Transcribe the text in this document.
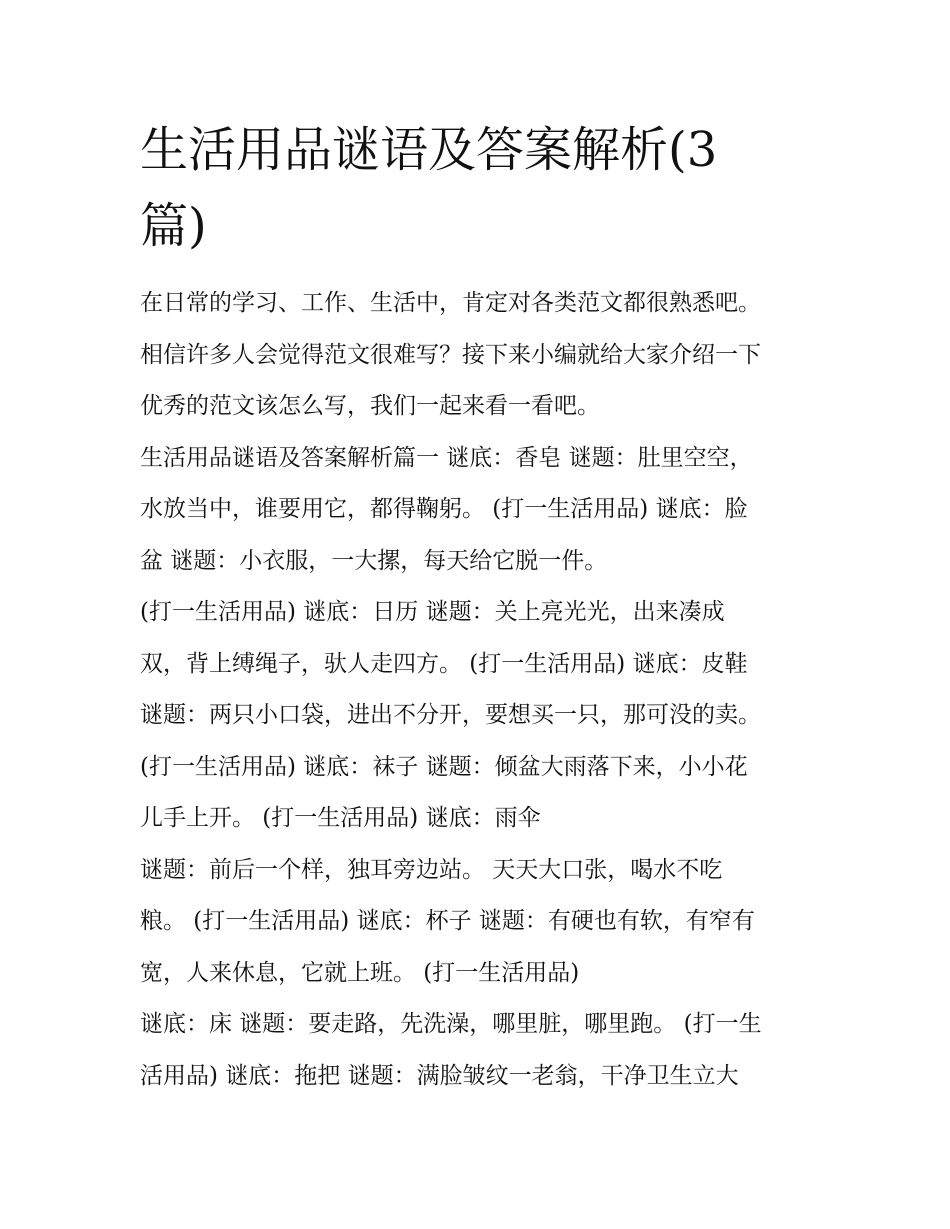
生活用品谜语及答案解析(3
篇)
在日常的学习、工作、生活中，肯定对各类范文都很熟悉吧。
相信许多人会觉得范文很难写？接下来小编就给大家介绍一下
优秀的范文该怎么写，我们一起来看一看吧。
生活用品谜语及答案解析篇一 谜底：香皂 谜题：肚里空空，
水放当中，谁要用它，都得鞠躬。 (打一生活用品) 谜底：脸
盆 谜题：小衣服，一大摞，每天给它脱一件。
(打一生活用品) 谜底：日历 谜题：关上亮光光，出来凑成
双，背上缚绳子，驮人走四方。 (打一生活用品) 谜底：皮鞋
谜题：两只小口袋，进出不分开，要想买一只，那可没的卖。
(打一生活用品) 谜底：袜子 谜题：倾盆大雨落下来，小小花
儿手上开。 (打一生活用品) 谜底：雨伞
谜题：前后一个样，独耳旁边站。 天天大口张，喝水不吃
粮。 (打一生活用品) 谜底：杯子 谜题：有硬也有软，有窄有
宽，人来休息，它就上班。 (打一生活用品)
谜底：床 谜题：要走路，先洗澡，哪里脏，哪里跑。 (打一生
活用品) 谜底：拖把 谜题：满脸皱纹一老翁，干净卫生立大
